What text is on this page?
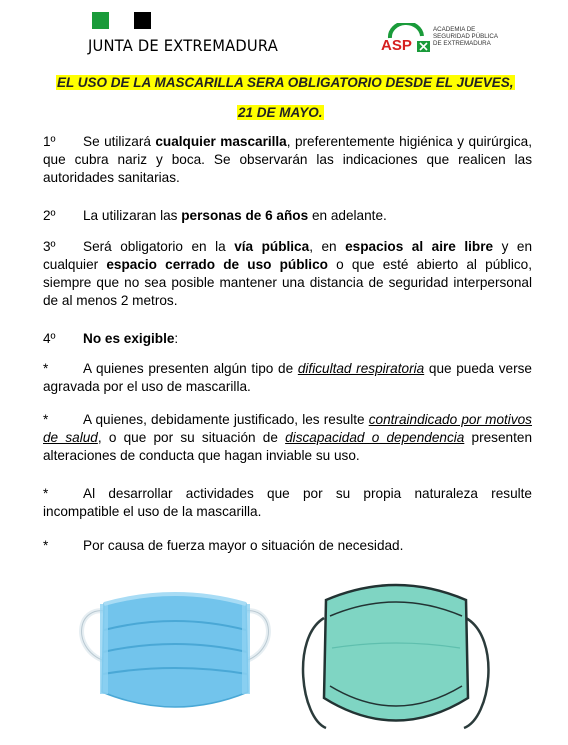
JUNTA DE EXTREMADURA	ASP
ACADEMIA DE
SEGURIDAD PÚBLICA
DE EXTREMADURA
EL USO DE LA MASCARILLA SERA OBLIGATORIO DESDE EL JUEVES,
21 DE MAYO.

1º Se utilizará cualquier mascarilla, preferentemente higiénica y quirúrgica, que cubra nariz y boca. Se observarán las indicaciones que realicen las autoridades sanitarias.

2º La utilizaran las personas de 6 años en adelante.

3º Será obligatorio en la vía pública, en espacios al aire libre y en cualquier espacio cerrado de uso público o que esté abierto al público, siempre que no sea posible mantener una distancia de seguridad interpersonal de al menos 2 metros.

4º No es exigible:

*	A quienes presenten algún tipo de dificultad respiratoria que pueda verse agravada por el uso de mascarilla.

*	A quienes, debidamente justificado, les resulte contraindicado por motivos de salud, o que por su situación de discapacidad o dependencia presenten alteraciones de conducta que hagan inviable su uso.

*	Al desarrollar actividades que por su propia naturaleza resulte incompatible el uso de la mascarilla.

*	Por causa de fuerza mayor o situación de necesidad.
